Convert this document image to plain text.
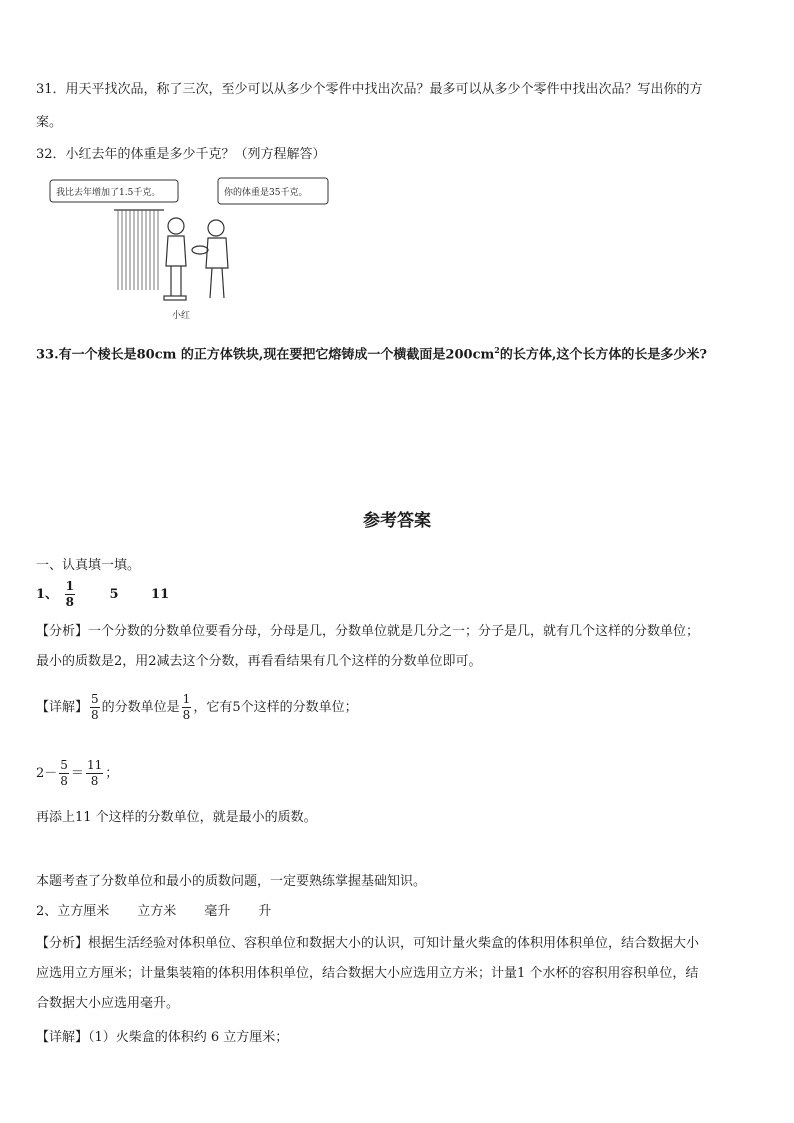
31．用天平找次品，称了三次，至少可以从多少个零件中找出次品？最多可以从多少个零件中找出次品？写出你的方
案。
32．小红去年的体重是多少千克？（列方程解答）
我比去年增加了1.5千克。	你的体重是35千克。
小红
33.有一个棱长是80cm 的正方体铁块,现在要把它熔铸成一个横截面是$200cm^2$的长方体,这个长方体的长是多少米?
参考答案
一、认真填一填。
1、 $\frac{1}{8}$	5	11
【分析】一个分数的分数单位要看分母，分母是几，分数单位就是几分之一；分子是几，就有几个这样的分数单位；
最小的质数是2，用2减去这个分数，再看看结果有几个这样的分数单位即可。
【详解】 $\frac{5}{8}$ 的分数单位是 $\frac{1}{8}$ ，它有5个这样的分数单位；
$2- \frac{5}{8} = \frac{11}{8}$ ；
再添上11 个这样的分数单位，就是最小的质数。
本题考查了分数单位和最小的质数问题，一定要熟练掌握基础知识。
2、立方厘米 立方米 毫升 升
【分析】根据生活经验对体积单位、容积单位和数据大小的认识，可知计量火柴盒的体积用体积单位，结合数据大小
应选用立方厘米；计量集装箱的体积用体积单位，结合数据大小应选用立方米；计量1 个水杯的容积用容积单位，结
合数据大小应选用毫升。
【详解】（1）火柴盒的体积约 6 立方厘米；
